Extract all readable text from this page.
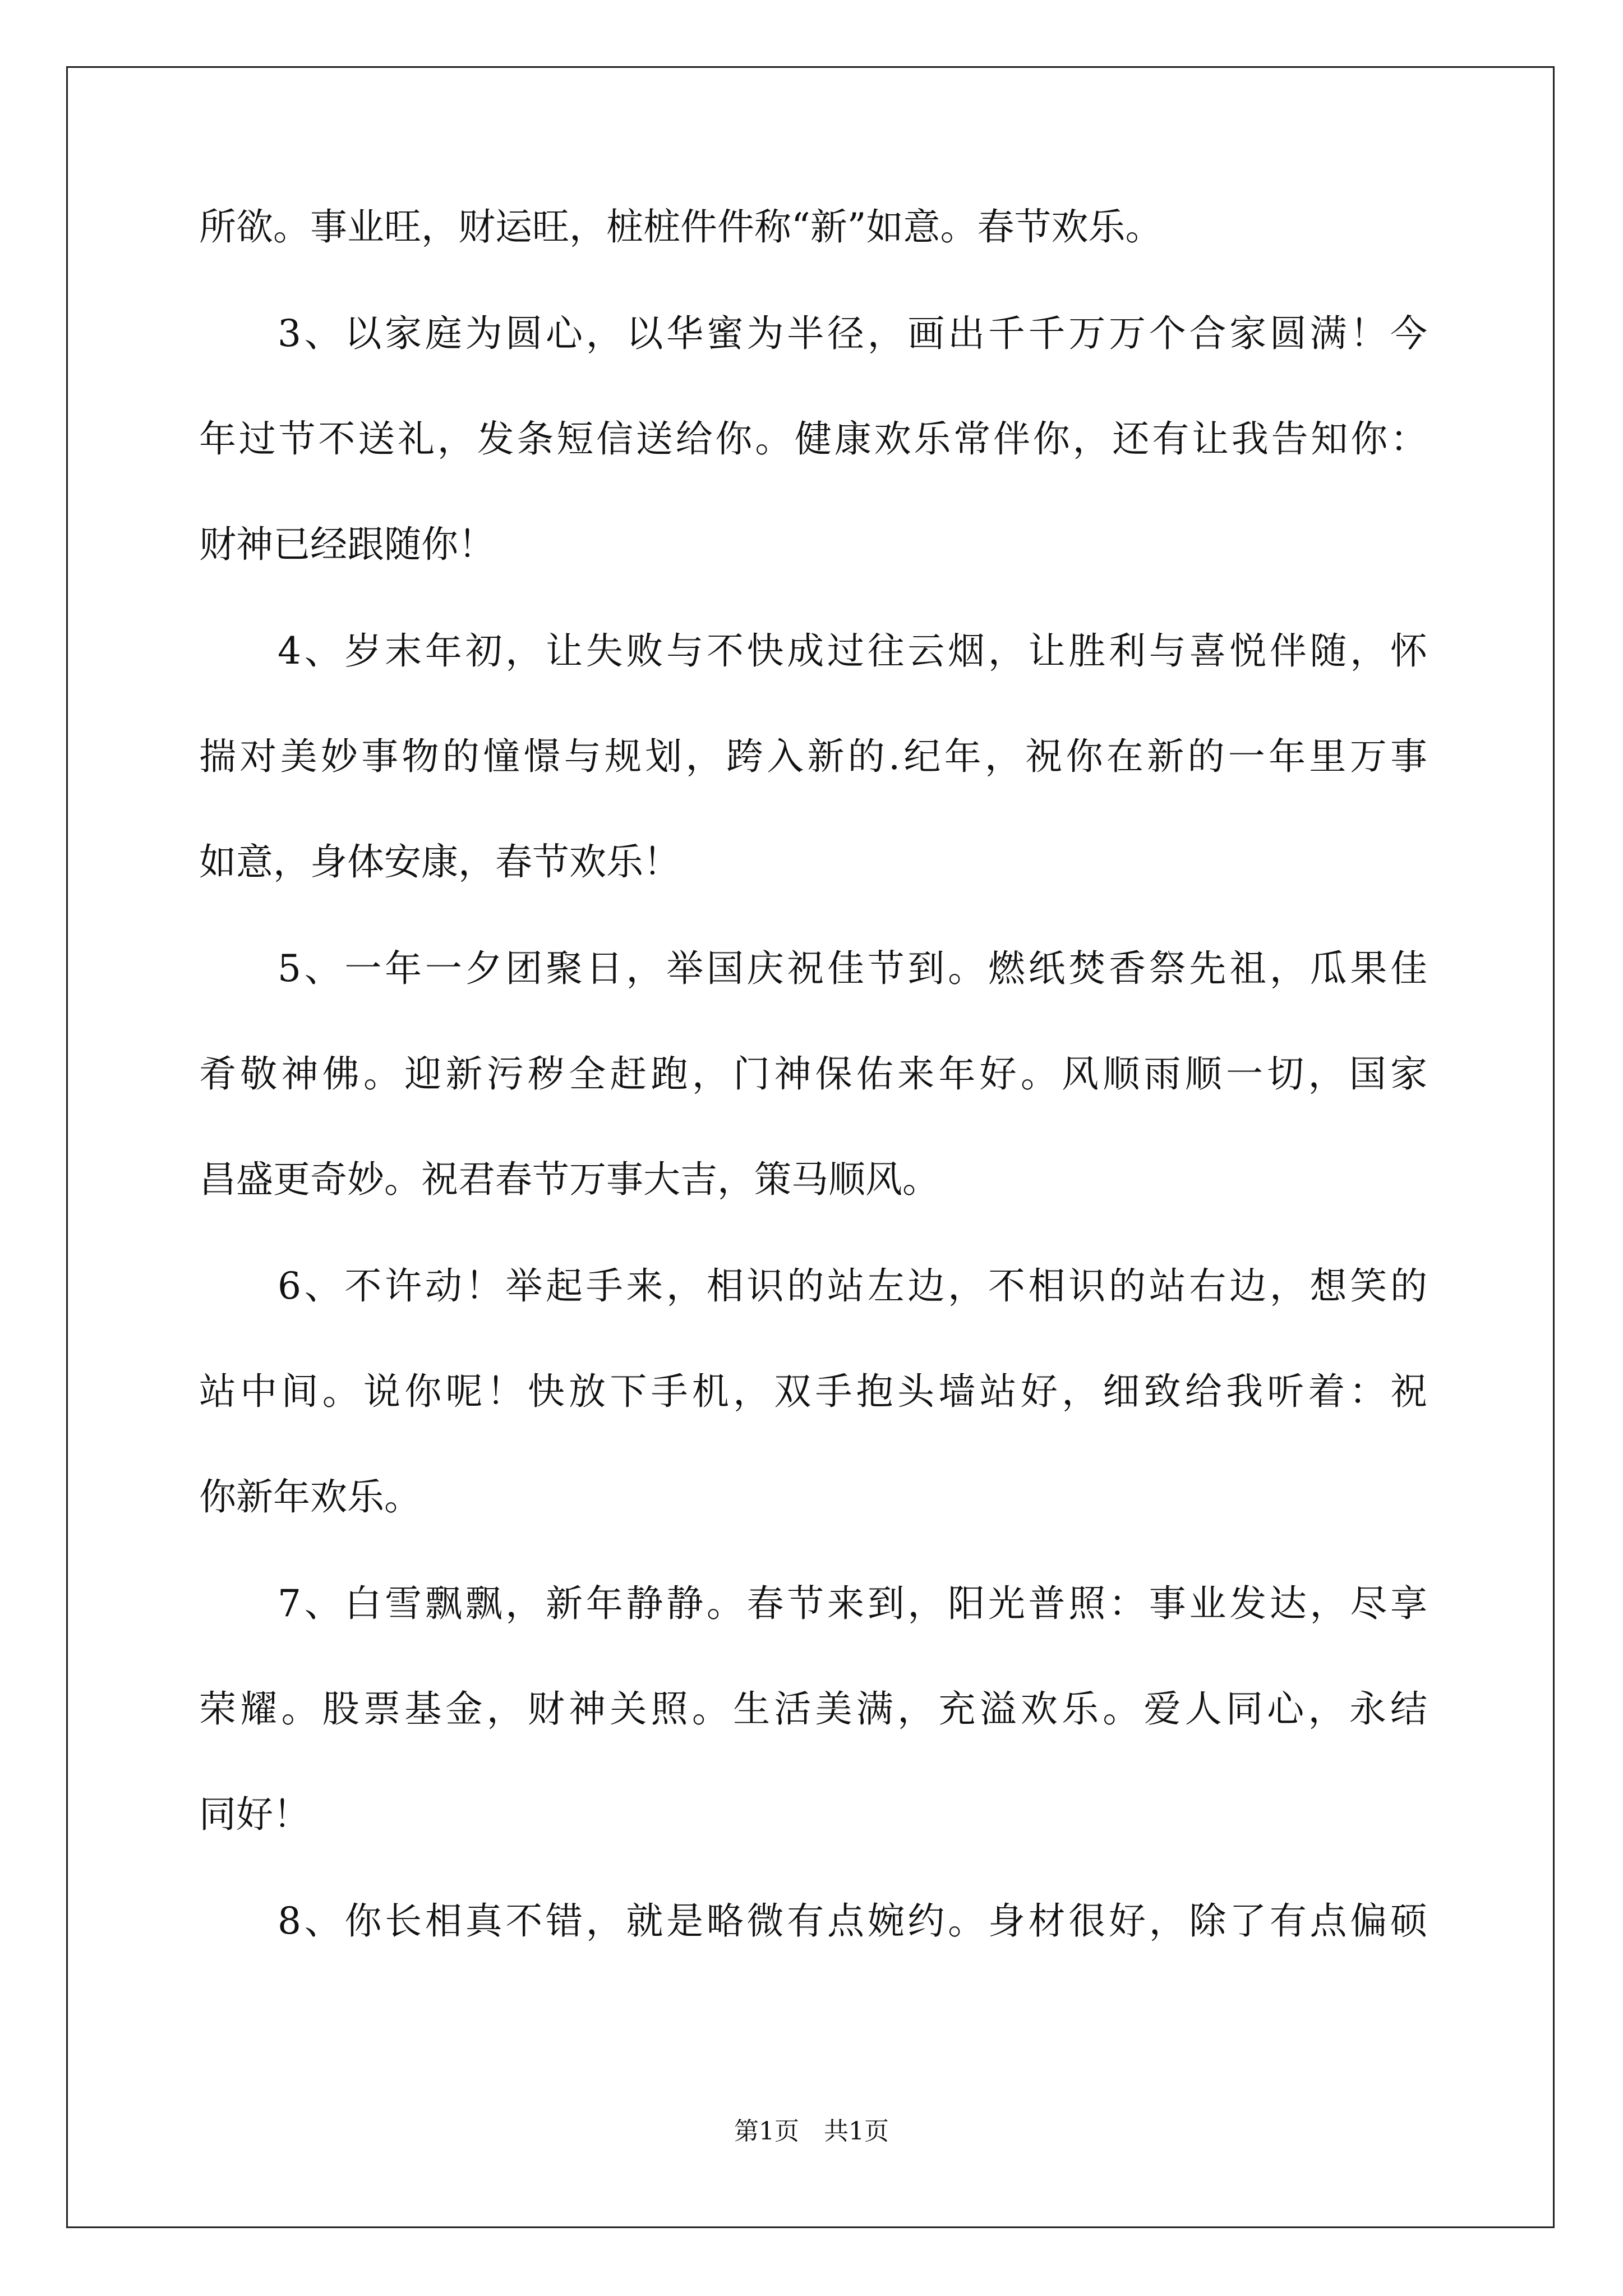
所欲。事业旺，财运旺，桩桩件件称“新”如意。春节欢乐。
3、以家庭为圆心，以华蜜为半径，画出千千万万个合家圆满！今
年过节不送礼，发条短信送给你。健康欢乐常伴你，还有让我告知你：
财神已经跟随你！
4、岁末年初，让失败与不快成过往云烟，让胜利与喜悦伴随，怀
揣对美妙事物的憧憬与规划，跨入新的.纪年，祝你在新的一年里万事
如意，身体安康，春节欢乐！
5、一年一夕团聚日，举国庆祝佳节到。燃纸焚香祭先祖，瓜果佳
肴敬神佛。迎新污秽全赶跑，门神保佑来年好。风顺雨顺一切，国家
昌盛更奇妙。祝君春节万事大吉，策马顺风。
6、不许动！举起手来，相识的站左边，不相识的站右边，想笑的
站中间。说你呢！快放下手机，双手抱头墙站好，细致给我听着：祝
你新年欢乐。
7、白雪飘飘，新年静静。春节来到，阳光普照：事业发达，尽享
荣耀。股票基金，财神关照。生活美满，充溢欢乐。爱人同心，永结
同好！
8、你长相真不错，就是略微有点婉约。身材很好，除了有点偏硕
第1页　共1页
